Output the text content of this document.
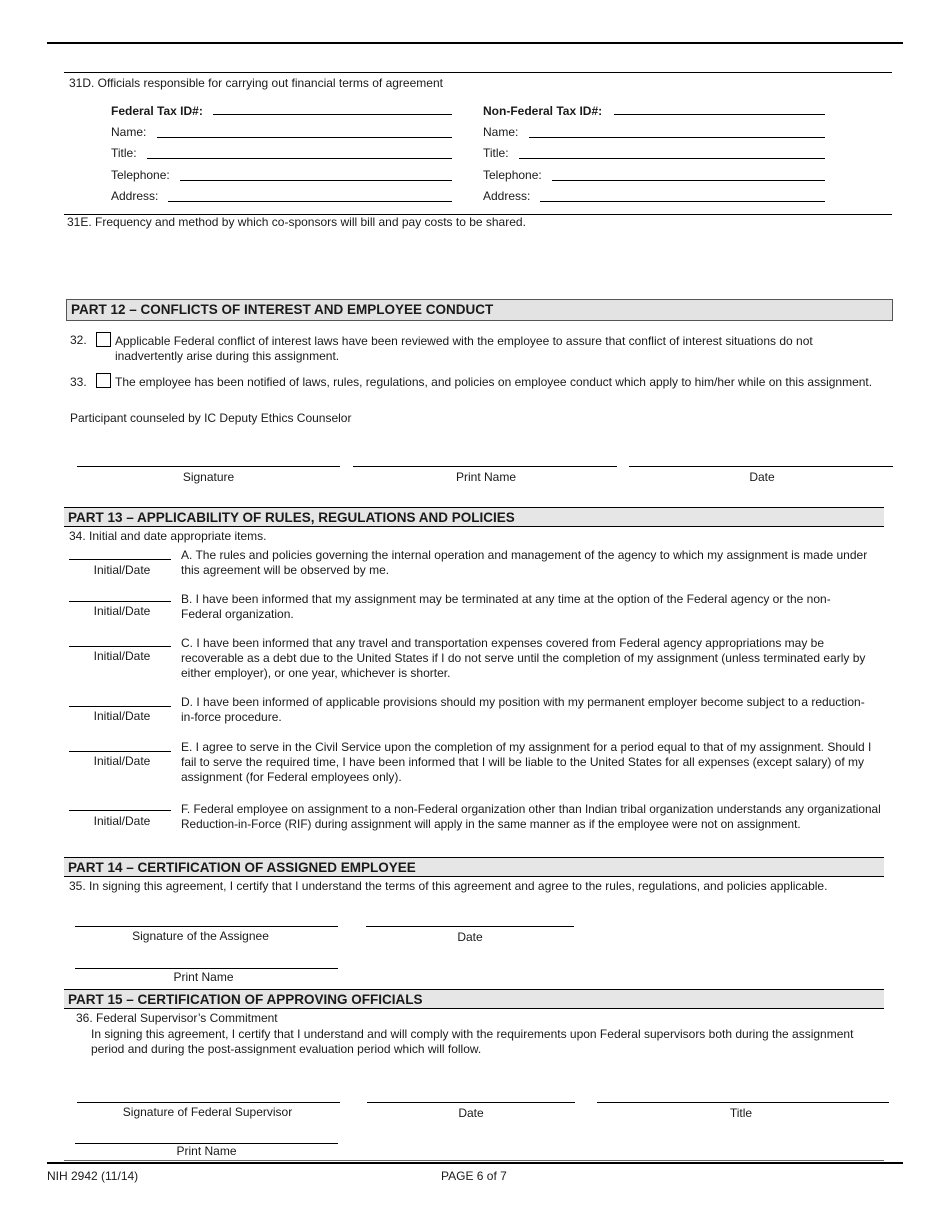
31D. Officials responsible for carrying out financial terms of agreement
Federal Tax ID#:
Name:
Title:
Telephone:
Address:
Non-Federal Tax ID#:
Name:
Title:
Telephone:
Address:
31E. Frequency and method by which co-sponsors will bill and pay costs to be shared.
PART 12 – CONFLICTS OF INTEREST AND EMPLOYEE CONDUCT
32. Applicable Federal conflict of interest laws have been reviewed with the employee to assure that conflict of interest situations do not inadvertently arise during this assignment.
33. The employee has been notified of laws, rules, regulations, and policies on employee conduct which apply to him/her while on this assignment.
Participant counseled by IC Deputy Ethics Counselor
Signature	Print Name	Date
PART 13 – APPLICABILITY OF RULES, REGULATIONS AND POLICIES
34. Initial and date appropriate items.
Initial/Date
A. The rules and policies governing the internal operation and management of the agency to which my assignment is made under this agreement will be observed by me.
Initial/Date
B. I have been informed that my assignment may be terminated at any time at the option of the Federal agency or the non-Federal organization.
Initial/Date
C. I have been informed that any travel and transportation expenses covered from Federal agency appropriations may be recoverable as a debt due to the United States if I do not serve until the completion of my assignment (unless terminated early by either employer), or one year, whichever is shorter.
Initial/Date
D. I have been informed of applicable provisions should my position with my permanent employer become subject to a reduction-in-force procedure.
Initial/Date
E. I agree to serve in the Civil Service upon the completion of my assignment for a period equal to that of my assignment. Should I fail to serve the required time, I have been informed that I will be liable to the United States for all expenses (except salary) of my assignment (for Federal employees only).
Initial/Date
F. Federal employee on assignment to a non-Federal organization other than Indian tribal organization understands any organizational Reduction-in-Force (RIF) during assignment will apply in the same manner as if the employee were not on assignment.
PART 14 – CERTIFICATION OF ASSIGNED EMPLOYEE
35. In signing this agreement, I certify that I understand the terms of this agreement and agree to the rules, regulations, and policies applicable.
Signature of the Assignee	Date
Print Name
PART 15 – CERTIFICATION OF APPROVING OFFICIALS
36. Federal Supervisor’s Commitment
In signing this agreement, I certify that I understand and will comply with the requirements upon Federal supervisors both during the assignment period and during the post-assignment evaluation period which will follow.
Signature of Federal Supervisor	Date	Title
Print Name
NIH 2942 (11/14)	PAGE 6 of 7
